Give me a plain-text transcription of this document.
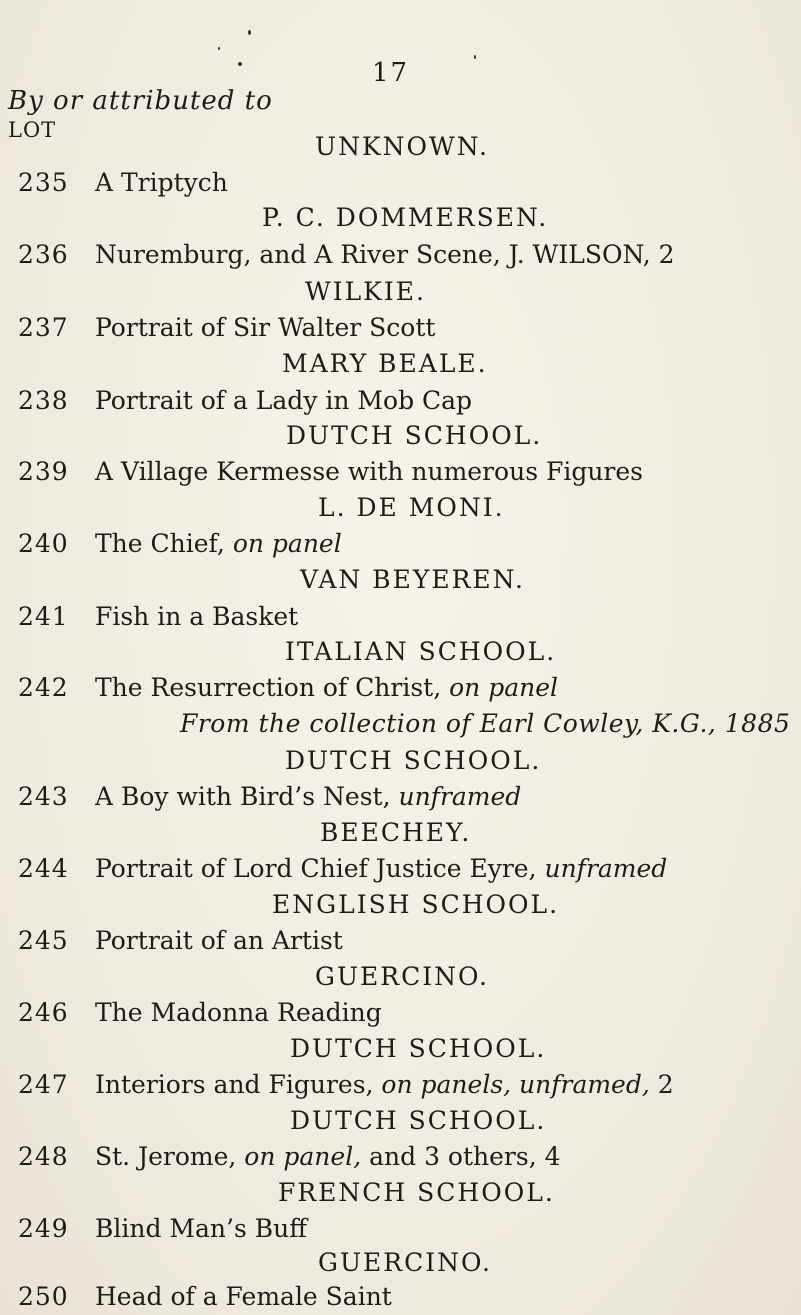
17
By or attributed to
LOT
UNKNOWN.
235 A Triptych
P. C. DOMMERSEN.
236 Nuremburg, and A River Scene, J. WILSON, 2
WILKIE.
237 Portrait of Sir Walter Scott
MARY BEALE.
238 Portrait of a Lady in Mob Cap
DUTCH SCHOOL.
239 A Village Kermesse with numerous Figures
L. DE MONI.
240 The Chief, on panel
VAN BEYEREN.
241 Fish in a Basket
ITALIAN SCHOOL.
242 The Resurrection of Christ, on panel
From the collection of Earl Cowley, K.G., 1885
DUTCH SCHOOL.
243 A Boy with Bird’s Nest, unframed
BEECHEY.
244 Portrait of Lord Chief Justice Eyre, unframed
ENGLISH SCHOOL.
245 Portrait of an Artist
GUERCINO.
246 The Madonna Reading
DUTCH SCHOOL.
247 Interiors and Figures, on panels, unframed, 2
DUTCH SCHOOL.
248 St. Jerome, on panel, and 3 others, 4
FRENCH SCHOOL.
249 Blind Man’s Buff
GUERCINO.
250 Head of a Female Saint
